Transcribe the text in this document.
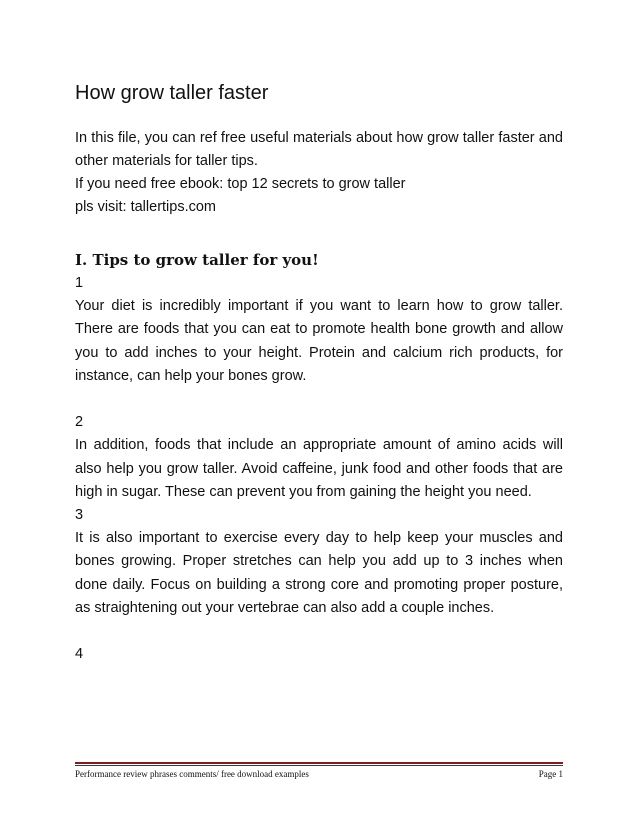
How grow taller faster

In this file, you can ref free useful materials about how grow taller faster and other materials for taller tips.

If you need free ebook: top 12 secrets to grow taller

pls visit: tallertips.com

I. Tips to grow taller for you!

1

Your diet is incredibly important if you want to learn how to grow taller. There are foods that you can eat to promote health bone growth and allow you to add inches to your height. Protein and calcium rich products, for instance, can help your bones grow.

2

In addition, foods that include an appropriate amount of amino acids will also help you grow taller. Avoid caffeine, junk food and other foods that are high in sugar. These can prevent you from gaining the height you need.

3

It is also important to exercise every day to help keep your muscles and bones growing. Proper stretches can help you add up to 3 inches when done daily. Focus on building a strong core and promoting proper posture, as straightening out your vertebrae can also add a couple inches.

4

Performance review phrases comments/ free download examples	Page 1
